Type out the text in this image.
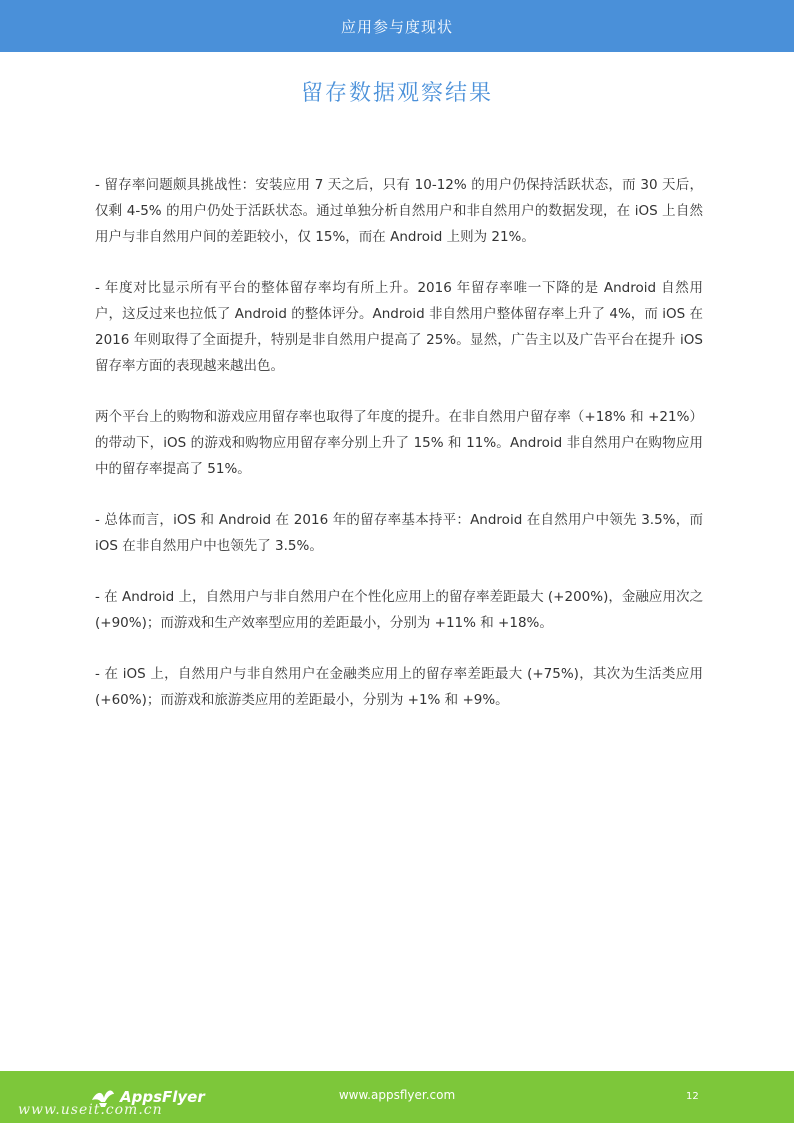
应用参与度现状
留存数据观察结果

- 留存率问题颇具挑战性：安装应用 7 天之后，只有 10-12% 的用户仍保持活跃状态，而 30 天后，仅剩 4-5% 的用户仍处于活跃状态。通过单独分析自然用户和非自然用户的数据发现，在 iOS 上自然用户与非自然用户间的差距较小，仅 15%，而在 Android 上则为 21%。

- 年度对比显示所有平台的整体留存率均有所上升。2016 年留存率唯一下降的是 Android 自然用户，这反过来也拉低了 Android 的整体评分。Android 非自然用户整体留存率上升了 4%，而 iOS 在 2016 年则取得了全面提升，特别是非自然用户提高了 25%。显然，广告主以及广告平台在提升 iOS 留存率方面的表现越来越出色。

两个平台上的购物和游戏应用留存率也取得了年度的提升。在非自然用户留存率（+18% 和 +21%）的带动下，iOS 的游戏和购物应用留存率分别上升了 15% 和 11%。Android 非自然用户在购物应用中的留存率提高了 51%。

- 总体而言，iOS 和 Android 在 2016 年的留存率基本持平：Android 在自然用户中领先 3.5%，而 iOS 在非自然用户中也领先了 3.5%。

- 在 Android 上，自然用户与非自然用户在个性化应用上的留存率差距最大 (+200%)，金融应用次之 (+90%)；而游戏和生产效率型应用的差距最小，分别为 +11% 和 +18%。

- 在 iOS 上，自然用户与非自然用户在金融类应用上的留存率差距最大 (+75%)，其次为生活类应用 (+60%)；而游戏和旅游类应用的差距最小，分别为 +1% 和 +9%。

AppsFlyer	www.appsflyer.com	12
www.useit.com.cn
